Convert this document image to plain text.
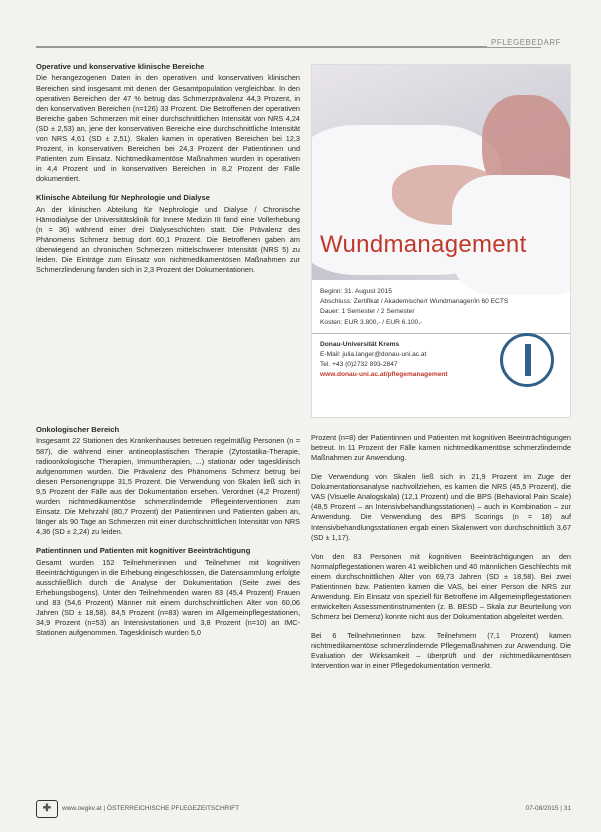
PFLEGEBEDARF
Operative und konservative klinische Bereiche

Die herangezogenen Daten in den operativen und konservativen klinischen Bereichen sind insgesamt mit denen der Gesamtpopulation vergleichbar. In den operativen Bereichen der 47 % betrug das Schmerzprävalenz 44,3 Prozent, in den konservativen Bereichen (n=126) 33 Prozent. Die Betroffenen der operativen Bereiche gaben Schmerzen mit einer durchschnittlichen Intensität von NRS 4,24 (SD ± 2,53) an, jene der konservativen Bereiche eine durchschnittliche Intensität von NRS 4,61 (SD ± 2,51). Skalen kamen in operativen Bereichen bei 12,3 Prozent, in konservativen Bereichen bei 24,3 Prozent der Patientinnen und Patienten zum Einsatz. Nichtmedikamentöse Maßnahmen wurden in operativen in 4,4 Prozent und in konservativen Bereichen in 8,2 Prozent der Fälle dokumentiert.

Klinische Abteilung für Nephrologie und Dialyse

An der klinischen Abteilung für Nephrologie und Dialyse / Chronische Hämodialyse der Universitätsklinik für Innere Medizin III fand eine Vollerhebung (n = 36) während einer drei Dialyseschichten statt. Die Prävalenz des Phänomens Schmerz betrug dort 60,1 Prozent. Die Betroffenen gaben am überwiegend an chronischen Schmerzen mittelschwerer Intensität (NRS 5) zu leiden. Die Einträge zum Einsatz von nichtmedikamentösen Maßnahmen zur Schmerzlinderung fanden sich in 2,3 Prozent der Dokumentationen.

Wundmanagement
Beginn: 31. August 2015
Abschluss: Zertifikat / Akademische/r Wundmanager/in 60 ECTS
Dauer: 1 Semester / 2 Semester
Kosten: EUR 3.800,- / EUR 6.100,-
Donau-Universität Krems
E-Mail: julia.langer@donau-uni.ac.at
Tel. +43 (0)2732 893-2847
www.donau-uni.ac.at/pflegemanagement
Onkologischer Bereich

Insgesamt 22 Stationen des Krankenhauses betreuen regelmäßig Personen (n = 587), die während einer antineoplastischen Therapie (Zytostatika-Therapie, radioonkologische Therapien, Immuntherapien, ...) stationär oder tagesklinisch aufgenommen wurden. Die Prävalenz des Phänomens Schmerz betrug bei diesen Personengruppe 31,5 Prozent. Die Verwendung von Skalen ließ sich in 9,5 Prozent der Fälle aus der Dokumentation ersehen. Verordnet (4,2 Prozent) wurden nichtmedikamentöse schmerzlindernde Pflegeinterventionen zum Einsatz. Die Mehrzahl (80,7 Prozent) der Patientinnen und Patienten gaben an, länger als 90 Tage an Schmerzen mit einer durchschnittlichen Intensität von NRS 4,36 (SD ± 2,24) zu leiden.

Patientinnen und Patienten mit kognitiver Beeinträchtigung

Gesamt wurden 152 Teilnehmerinnen und Teilnehmer mit kognitiven Beeinträchtigungen in die Erhebung eingeschlossen, die Datensammlung erfolgte ausschließlich durch die Analyse der Dokumentation (Seite zwei des Erhebungsbogens). Unter den Teilnehmenden waren 83 (45,4 Prozent) Frauen und 83 (54,6 Prozent) Männer mit einem durchschnittlichen Alter von 60,06 Jahren (SD ± 18,58). 84,5 Prozent (n=83) waren im Allgemeinpflegestationen, 34,9 Prozent (n=53) an Intensivstationen und 3,8 Prozent (n=10) an IMC-Stationen aufgenommen. Tagesklinisch wurden 5,0

Prozent (n=8) der Patientinnen und Patienten mit kognitiven Beeinträchtigungen betreut. In 11 Prozent der Fälle kamen nichtmedikamentöse schmerzlindernde Maßnahmen zur Anwendung.

Die Verwendung von Skalen ließ sich in 21,9 Prozent im Zuge der Dokumentationsanalyse nachvollziehen, es kamen die NRS (45,5 Prozent), die VAS (Visuelle Analogskala) (12,1 Prozent) und die BPS (Behavioral Pain Scale) (48,5 Prozent – an Intensivbehandlungsstationen) – auch in Kombination – zur Anwendung. Die Verwendung des BPS Scorings (n = 18) auf Intensivbehandlungsstationen ergab einen Skalenwert von durchschnittlich 3,67 (SD ± 1,17).

Von den 83 Personen mit kognitiven Beeinträchtigungen an den Normalpflegestationen waren 41 weiblichen und 40 männlichen Geschlechts mit einem durchschnittlichen Alter von 69,73 Jahren (SD ± 18,58). Bei zwei Patientinnen bzw. Patienten kamen die VAS, bei einer Person die NRS zur Anwendung. Ein Einsatz von speziell für Betroffene im Allgemeinpflegestationen entwickelten Assessmentinstrumenten (z. B. BESD – Skala zur Beurteilung von Schmerz bei Demenz) konnte nicht aus der Dokumentation abgeleitet werden.

Bei 6 Teilnehmerinnen bzw. Teilnehmern (7,1 Prozent) kamen nichtmedikamentöse schmerzlindernde Pflegemaßnahmen zur Anwendung. Die Evaluation der Wirksamkeit – überprüft und der nichtmedikamentösen Intervention war in einer Pflegedokumentation vermerkt.

✚	www.oegkv.at | ÖSTERREICHISCHE PFLEGEZEITSCHRIFT	07-08/2015 | 31
